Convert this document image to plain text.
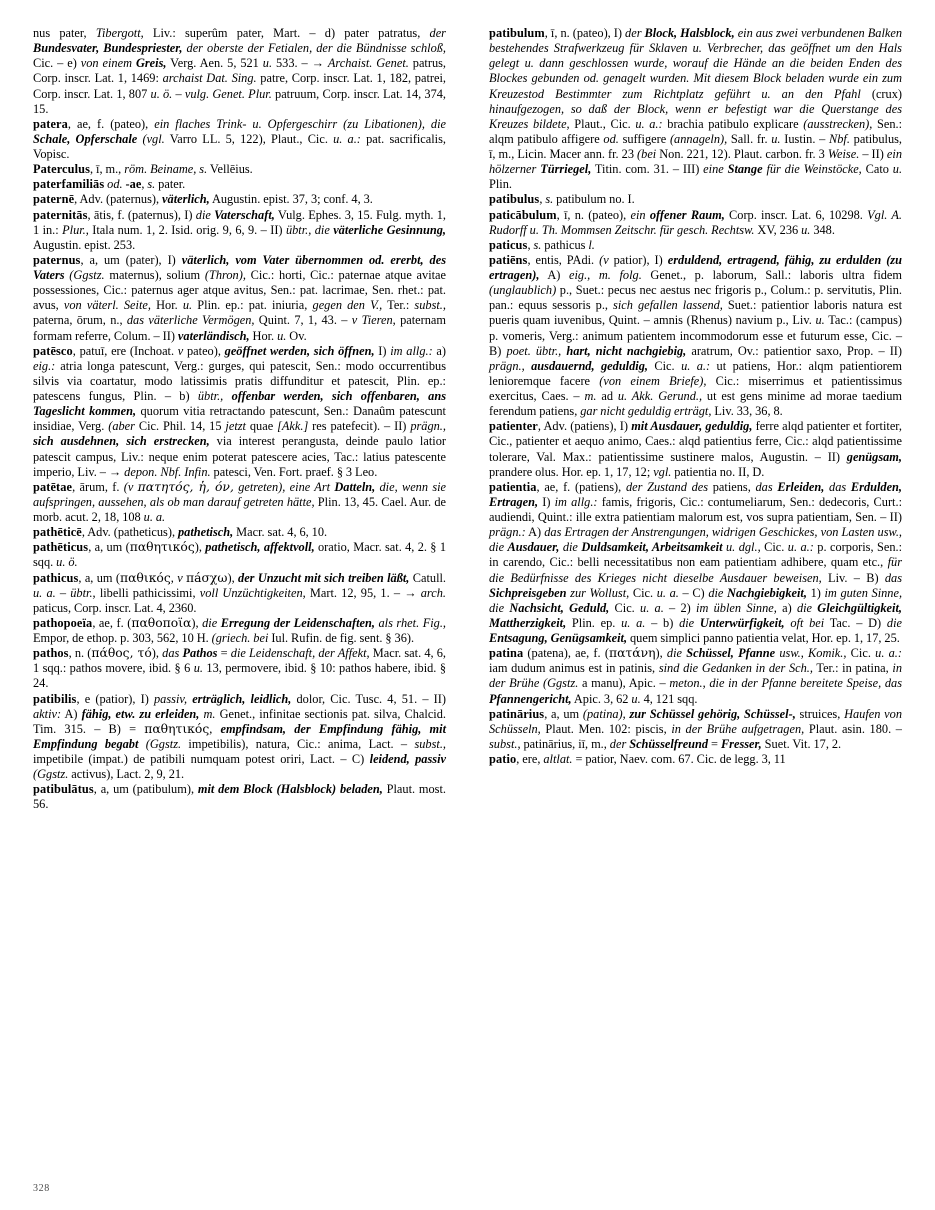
nus pater, Tibergott, Liv.: superûm pater, Mart. – d) pater patratus, der Bundesvater, Bundespriester, der oberste der Fetialen, der die Bündnisse schloß, Cic. – e) von einem Greis, Verg. Aen. 5, 521 u. 533. – → Archaist. Genet. patrus, Corp. inscr. Lat. 1, 1469: archaist Dat. Sing. patre, Corp. inscr. Lat. 1, 182, patrei, Corp. inscr. Lat. 1, 807 u. ö. – vulg. Genet. Plur. patruum, Corp. inscr. Lat. 14, 374, 15.

patera, ae, f. (pateo), ein flaches Trink- u. Opfergeschirr (zu Libationen), die Schale, Opferschale (vgl. Varro LL. 5, 122), Plaut., Cic. u. a.: pat. sacrificalis, Vopisc.

Paterculus, ī, m., röm. Beiname, s. Vellēius.

paterfamiliās od. -ae, s. pater.

paternē, Adv. (paternus), väterlich, Augustin. epist. 37, 3; conf. 4, 3.

paternitās, ātis, f. (paternus), I) die Vaterschaft, Vulg. Ephes. 3, 15. Fulg. myth. 1, 1 in.: Plur., Itala num. 1, 2. Isid. orig. 9, 6, 9. – II) übtr., die väterliche Gesinnung, Augustin. epist. 253.

paternus, a, um (pater), I) väterlich, vom Vater übernommen od. ererbt, des Vaters (Ggstz. maternus), solium (Thron), Cic.: horti, Cic.: paternae atque avitae possessiones, Cic.: paternus ager atque avitus, Sen.: pat. lacrimae, Sen. rhet.: pat. avus, von väterl. Seite, Hor. u. Plin. ep.: pat. iniuria, gegen den V., Ter.: subst., paterna, ōrum, n., das väterliche Vermögen, Quint. 7, 1, 43. – v Tieren, paternam formam referre, Colum. – II) vaterländisch, Hor. u. Ov.

patēsco, patuī, ere (Inchoat. v pateo), geöffnet werden, sich öffnen, I) im allg.: a) eig.: atria longa patescunt, Verg.: gurges, qui patescit, Sen.: modo occurrentibus silvis via coartatur, modo latissimis pratis diffunditur et patescit, Plin. ep.: patescens fungus, Plin. – b) übtr., offenbar werden, sich offenbaren, ans Tageslicht kommen, quorum vitia retractando patescunt, Sen.: Danaûm patescunt insidiae, Verg. (aber Cic. Phil. 14, 15 jetzt quae [Akk.] res patefecit). – II) prägn., sich ausdehnen, sich erstrecken, via interest perangusta, deinde paulo latior patescit campus, Liv.: neque enim poterat patescere acies, Tac.: latius patescente imperio, Liv. – → depon. Nbf. Infin. patesci, Ven. Fort. praef. § 3 Leo.

patētae, ārum, f. (v πατητóς, ἡ, óν, getreten), eine Art Datteln, die, wenn sie aufspringen, aussehen, als ob man darauf getreten hätte, Plin. 13, 45. Cael. Aur. de morb. acut. 2, 18, 108 u. a.

pathēticē, Adv. (patheticus), pathetisch, Macr. sat. 4, 6, 10.

pathēticus, a, um (παθητικóς), pathetisch, affektvoll, oratio, Macr. sat. 4, 2. § 1 sqq. u. ö.

pathicus, a, um (παθικóς, v πáσχω), der Unzucht mit sich treiben läßt, Catull. u. a. – übtr., libelli pathicissimi, voll Unzüchtigkeiten, Mart. 12, 95, 1. – → arch. paticus, Corp. inscr. Lat. 4, 2360.

pathopoeïa, ae, f. (παθοποϊα), die Erregung der Leidenschaften, als rhet. Fig., Empor, de ethop. p. 303, 562, 10 H. (griech. bei Iul. Rufin. de fig. sent. § 36).

pathos, n. (πάθος, τó), das Pathos = die Leidenschaft, der Affekt, Macr. sat. 4, 6, 1 sqq.: pathos movere, ibid. § 6 u. 13, permovere, ibid. § 10: pathos habere, ibid. § 24.

patibilis, e (patior), I) passiv, erträglich, leidlich, dolor, Cic. Tusc. 4, 51. – II) aktiv: A) fähig, etw. zu erleiden, m. Genet., infinitae sectionis pat. silva, Chalcid. Tim. 315. – B) = παθητικóς, empfindsam, der Empfindung fähig, mit Empfindung begabt (Ggstz. impetibilis), natura, Cic.: anima, Lact. – subst., impetibile (impat.) de patibili numquam potest oriri, Lact. – C) leidend, passiv (Ggstz. activus), Lact. 2, 9, 21.

patibulātus, a, um (patibulum), mit dem Block (Halsblock) beladen, Plaut. most. 56.

patibulum, ī, n. (pateo), I) der Block, Halsblock, ein aus zwei verbundenen Balken bestehendes Strafwerkzeug für Sklaven u. Verbrecher, das geöffnet um den Hals gelegt u. dann geschlossen wurde, worauf die Hände an die beiden Enden des Blockes gebunden od. genagelt wurden. Mit diesem Block beladen wurde ein zum Kreuzestod Bestimmter zum Richtplatz geführt u. an den Pfahl (crux) hinaufgezogen, so daß der Block, wenn er befestigt war die Querstange des Kreuzes bildete, Plaut., Cic. u. a.: brachia patibulo explicare (ausstrecken), Sen.: alqm patibulo affigere od. suffigere (annageln), Sall. fr. u. Iustin. – Nbf. patibulus, ī, m., Licin. Macer ann. fr. 23 (bei Non. 221, 12). Plaut. carbon. fr. 3 Weise. – II) ein hölzerner Türriegel, Titin. com. 31. – III) eine Stange für die Weinstöcke, Cato u. Plin.

patibulus, s. patibulum no. I.

paticābulum, ī, n. (pateo), ein offener Raum, Corp. inscr. Lat. 6, 10298. Vgl. A. Rudorff u. Th. Mommsen Zeitschr. für gesch. Rechtsw. XV, 236 u. 348.

paticus, s. pathicus l.

patiēns, entis, PAdi. (v patior), I) erduldend, ertragend, fähig, zu erdulden (zu ertragen), A) eig., m. folg. Genet., p. laborum, Sall.: laboris ultra fidem (unglaublich) p., Suet.: pecus nec aestus nec frigoris p., Colum.: p. servitutis, Plin. pan.: equus sessoris p., sich gefallen lassend, Suet.: patientior laboris natura est pueris quam iuvenibus, Quint. – amnis (Rhenus) navium p., Liv. u. Tac.: (campus) p. vomeris, Verg.: animum patientem incommodorum esse et futurum esse, Cic. – B) poet. übtr., hart, nicht nachgiebig, aratrum, Ov.: patientior saxo, Prop. – II) prägn., ausdauernd, geduldig, Cic. u. a.: ut patiens, Hor.: alqm patientiorem lenioremque facere (von einem Briefe), Cic.: miserrimus et patientissimus exercitus, Caes. – m. ad u. Akk. Gerund., ut est gens minime ad morae taedium ferendum patiens, gar nicht geduldig erträgt, Liv. 33, 36, 8.

patienter, Adv. (patiens), I) mit Ausdauer, geduldig, ferre alqd patienter et fortiter, Cic., patienter et aequo animo, Caes.: alqd patientius ferre, Cic.: alqd patientissime tolerare, Val. Max.: patientissime sustinere malos, Augustin. – II) genügsam, prandere olus. Hor. ep. 1, 17, 12; vgl. patientia no. II, D.

patientia, ae, f. (patiens), der Zustand des patiens, das Erleiden, das Erdulden, Ertragen, I) im allg.: famis, frigoris, Cic.: contumeliarum, Sen.: dedecoris, Curt.: audiendi, Quint.: ille extra patientiam malorum est, vos supra patientiam, Sen. – II) prägn.: A) das Ertragen der Anstrengungen, widrigen Geschickes, von Lasten usw., die Ausdauer, die Duldsamkeit, Arbeitsamkeit u. dgl., Cic. u. a.: p. corporis, Sen.: in carendo, Cic.: belli necessitatibus non eam patientiam adhibere, quam etc., für die Bedürfnisse des Krieges nicht dieselbe Ausdauer beweisen, Liv. – B) das Sichpreisgeben zur Wollust, Cic. u. a. – C) die Nachgiebigkeit, 1) im guten Sinne, die Nachsicht, Geduld, Cic. u. a. – 2) im üblen Sinne, a) die Gleichgültigkeit, Mattherzigkeit, Plin. ep. u. a. – b) die Unterwürfigkeit, oft bei Tac. – D) die Entsagung, Genügsamkeit, quem simplici panno patientia velat, Hor. ep. 1, 17, 25.

patina (patena), ae, f. (πατάνη), die Schüssel, Pfanne usw., Komik., Cic. u. a.: iam dudum animus est in patinis, sind die Gedanken in der Sch., Ter.: in patina, in der Brühe (Ggstz. a manu), Apic. – meton., die in der Pfanne bereitete Speise, das Pfannengericht, Apic. 3, 62 u. 4, 121 sqq.

patinārius, a, um (patina), zur Schüssel gehörig, Schüssel-, struices, Haufen von Schüsseln, Plaut. Men. 102: piscis, in der Brühe aufgetragen, Plaut. asin. 180. – subst., patinārius, iī, m., der Schüsselfreund = Fresser, Suet. Vit. 17, 2.

patio, ere, altlat. = patior, Naev. com. 67. Cic. de legg. 3, 11

328
